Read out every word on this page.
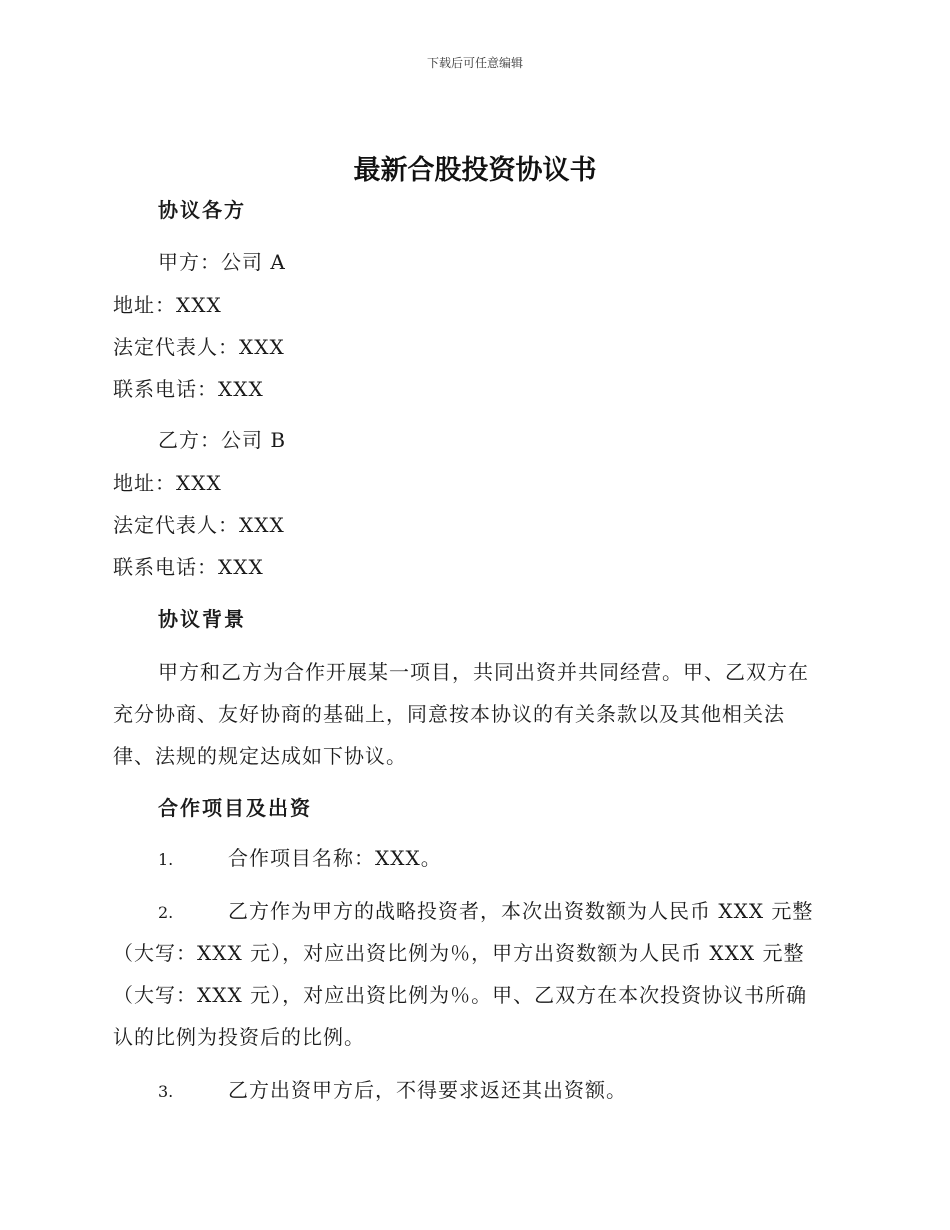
下载后可任意编辑
最新合股投资协议书
协议各方
甲方：公司 A
地址：XXX
法定代表人：XXX
联系电话：XXX
乙方：公司 B
地址：XXX
法定代表人：XXX
联系电话：XXX
协议背景
甲方和乙方为合作开展某一项目，共同出资并共同经营。甲、乙双方在
充分协商、友好协商的基础上，同意按本协议的有关条款以及其他相关法
律、法规的规定达成如下协议。
合作项目及出资
1.	合作项目名称：XXX。
2.	乙方作为甲方的战略投资者，本次出资数额为人民币 XXX 元整
（大写：XXX 元），对应出资比例为％，甲方出资数额为人民币 XXX 元整
（大写：XXX 元），对应出资比例为％。甲、乙双方在本次投资协议书所确
认的比例为投资后的比例。
3.	乙方出资甲方后，不得要求返还其出资额。
